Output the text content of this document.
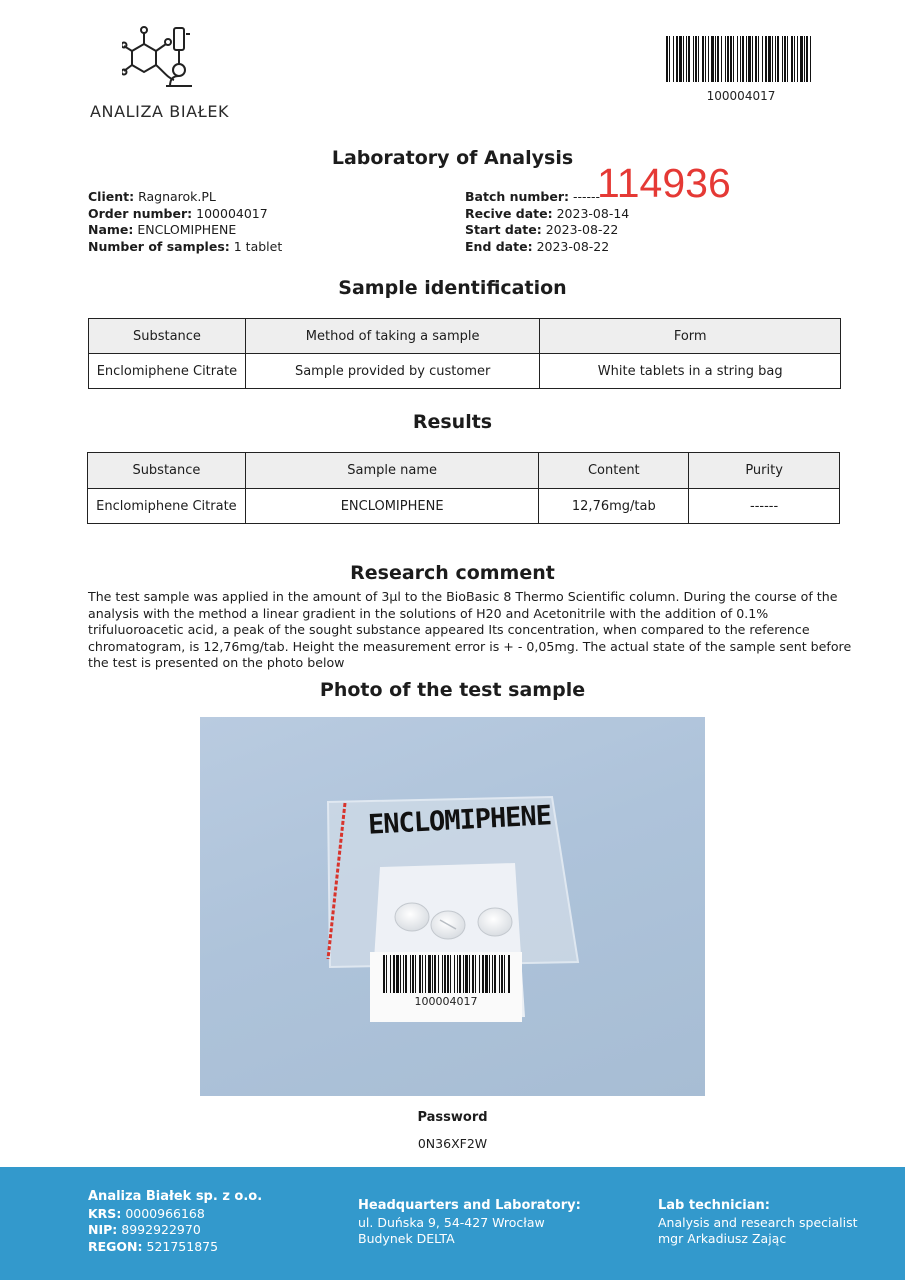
ANALIZA BIAŁEK
100004017
Laboratory of Analysis
Client: Ragnarok.PL
Order number: 100004017
Name: ENCLOMIPHENE
Number of samples: 1 tablet
Batch number: ------
Recive date: 2023-08-14
Start date: 2023-08-22
End date: 2023-08-22
114936
Sample identification
Substance	Method of taking a sample	Form
Enclomiphene Citrate	Sample provided by customer	White tablets in a string bag
Results
Substance	Sample name	Content	Purity
Enclomiphene Citrate	ENCLOMIPHENE	12,76mg/tab	------
Research comment
The test sample was applied in the amount of 3μl to the BioBasic 8 Thermo Scientific column. During the course of the analysis with the method a linear gradient in the solutions of H20 and Acetonitrile with the addition of 0.1% trifuluoroacetic acid, a peak of the sought substance appeared Its concentration, when compared to the reference chromatogram, is 12,76mg/tab. Height the measurement error is + - 0,05mg. The actual state of the sample sent before the test is presented on the photo below
Photo of the test sample
ENCLOMIPHENE
100004017
Password
0N36XF2W
Analiza Białek sp. z o.o.
KRS: 0000966168
NIP: 8992922970
REGON: 521751875
Headquarters and Laboratory:
ul. Duńska 9, 54-427 Wrocław
Budynek DELTA
Lab technician:
Analysis and research specialist
mgr Arkadiusz Zając
